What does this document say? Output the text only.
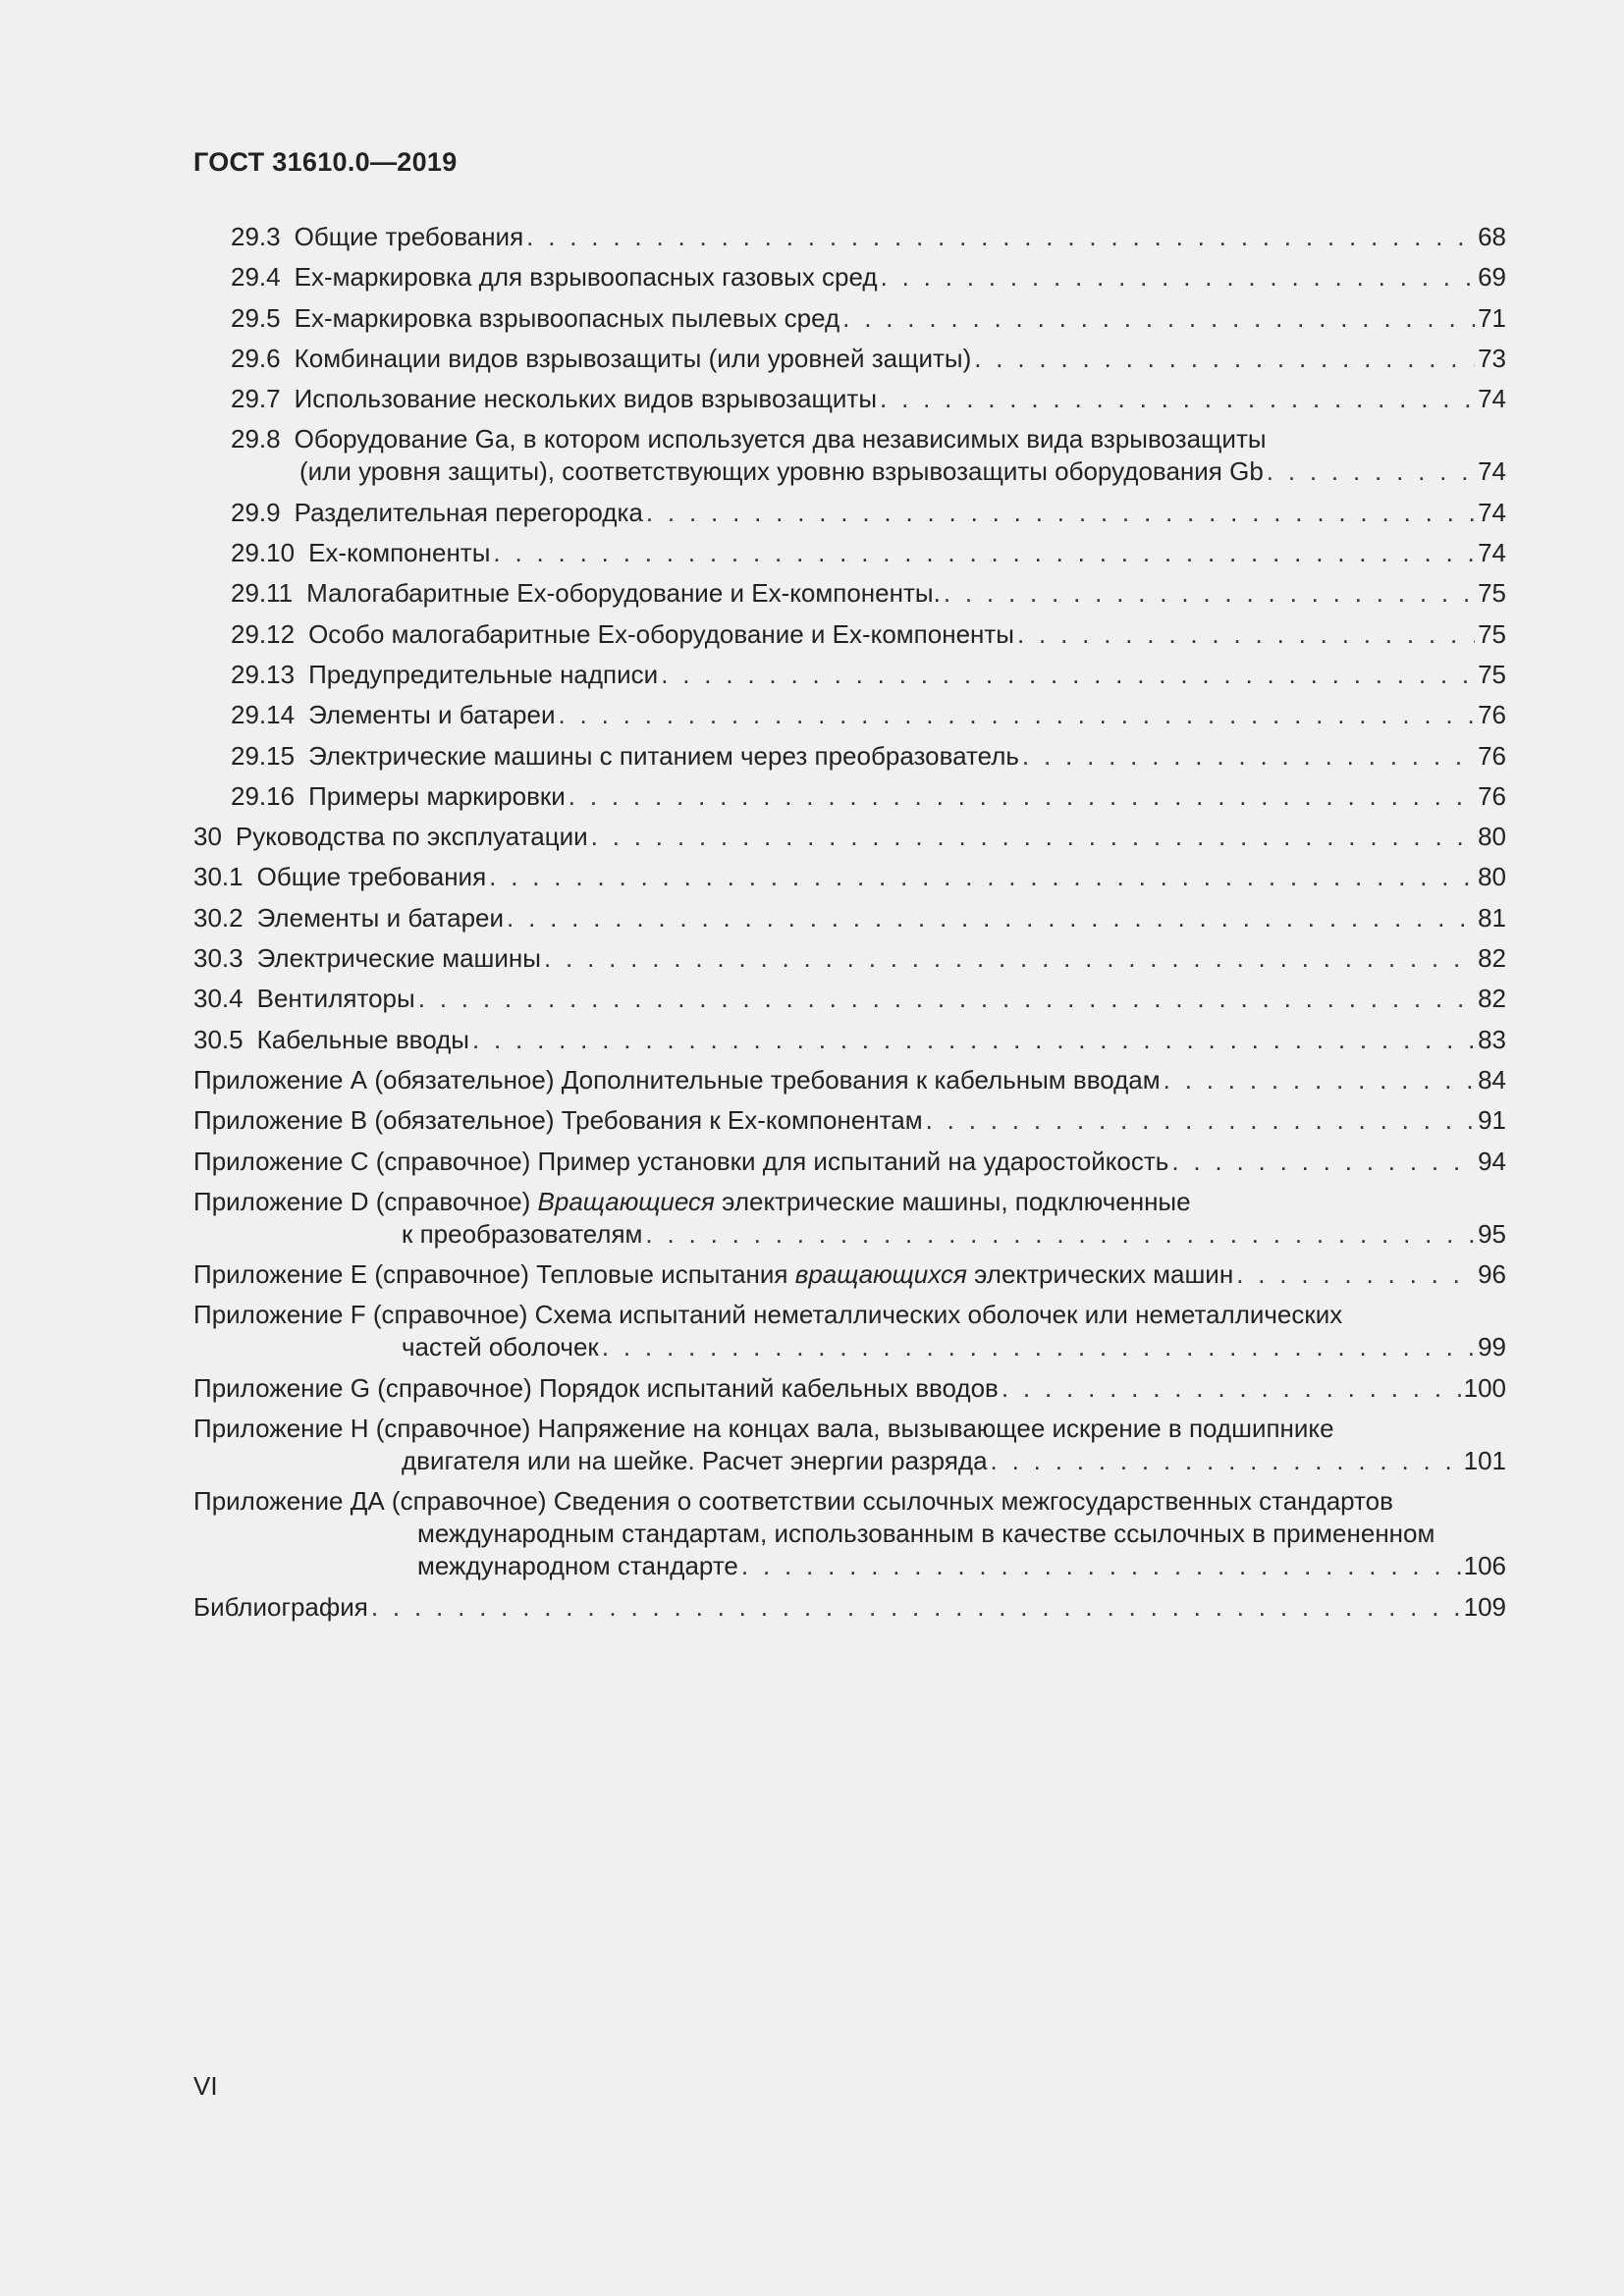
ГОСТ 31610.0—2019
29.3 Общие требования . . .	68
29.4 Ех-маркировка для взрывоопасных газовых сред . . .	69
29.5 Ех-маркировка взрывоопасных пылевых сред . . .	71
29.6 Комбинации видов взрывозащиты (или уровней защиты) . . .	73
29.7 Использование нескольких видов взрывозащиты . . .	74
29.8 Оборудование Ga, в котором используется два независимых вида взрывозащиты
(или уровня защиты), соответствующих уровню взрывозащиты оборудования Gb . . .	74
29.9 Разделительная перегородка . . .	74
29.10 Ех-компоненты . . .	74
29.11 Малогабаритные Ех-оборудование и Ех-компоненты. . . .	75
29.12 Особо малогабаритные Ех-оборудование и Ех-компоненты . . .	75
29.13 Предупредительные надписи . . .	75
29.14 Элементы и батареи . . .	76
29.15 Электрические машины с питанием через преобразователь . . .	76
29.16 Примеры маркировки . . .	76
30 Руководства по эксплуатации . . .	80
30.1 Общие требования . . .	80
30.2 Элементы и батареи . . .	81
30.3 Электрические машины . . .	82
30.4 Вентиляторы . . .	82
30.5 Кабельные вводы . . .	83
Приложение А (обязательное) Дополнительные требования к кабельным вводам . . .	84
Приложение В (обязательное) Требования к Ех-компонентам . . .	91
Приложение С (справочное) Пример установки для испытаний на ударостойкость . . .	94
Приложение D (справочное) Вращающиеся электрические машины, подключенные
к преобразователям . . .	95
Приложение Е (справочное) Тепловые испытания вращающихся электрических машин . . .	96
Приложение F (справочное) Схема испытаний неметаллических оболочек или неметаллических
частей оболочек . . .	99
Приложение G (справочное) Порядок испытаний кабельных вводов . . .	100
Приложение Н (справочное) Напряжение на концах вала, вызывающее искрение в подшипнике
двигателя или на шейке. Расчет энергии разряда . . .	101
Приложение ДА (справочное) Сведения о соответствии ссылочных межгосударственных стандартов
международным стандартам, использованным в качестве ссылочных в примененном
международном стандарте . . .	106
Библиография . . .	109
VI
